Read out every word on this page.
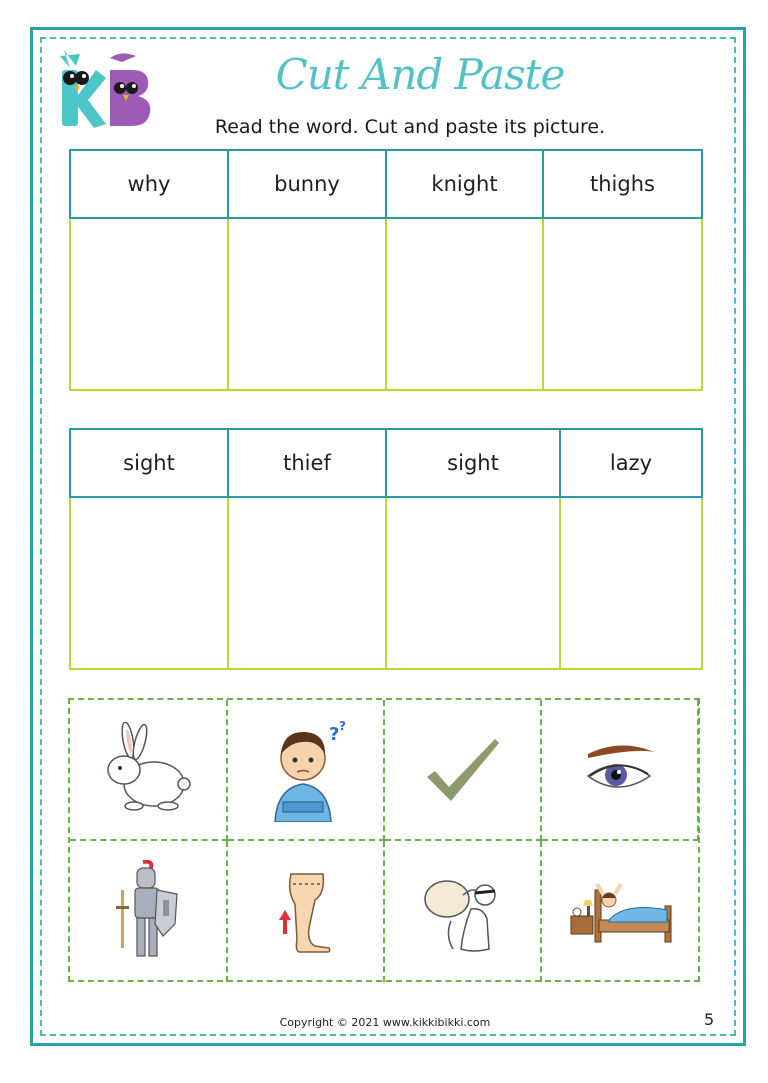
Cut And Paste
Read the word. Cut and paste its picture.
why	bunny	knight	thighs

sight	thief	sight	lazy

? ?
Copyright © 2021 www.kikkibikki.com	5
